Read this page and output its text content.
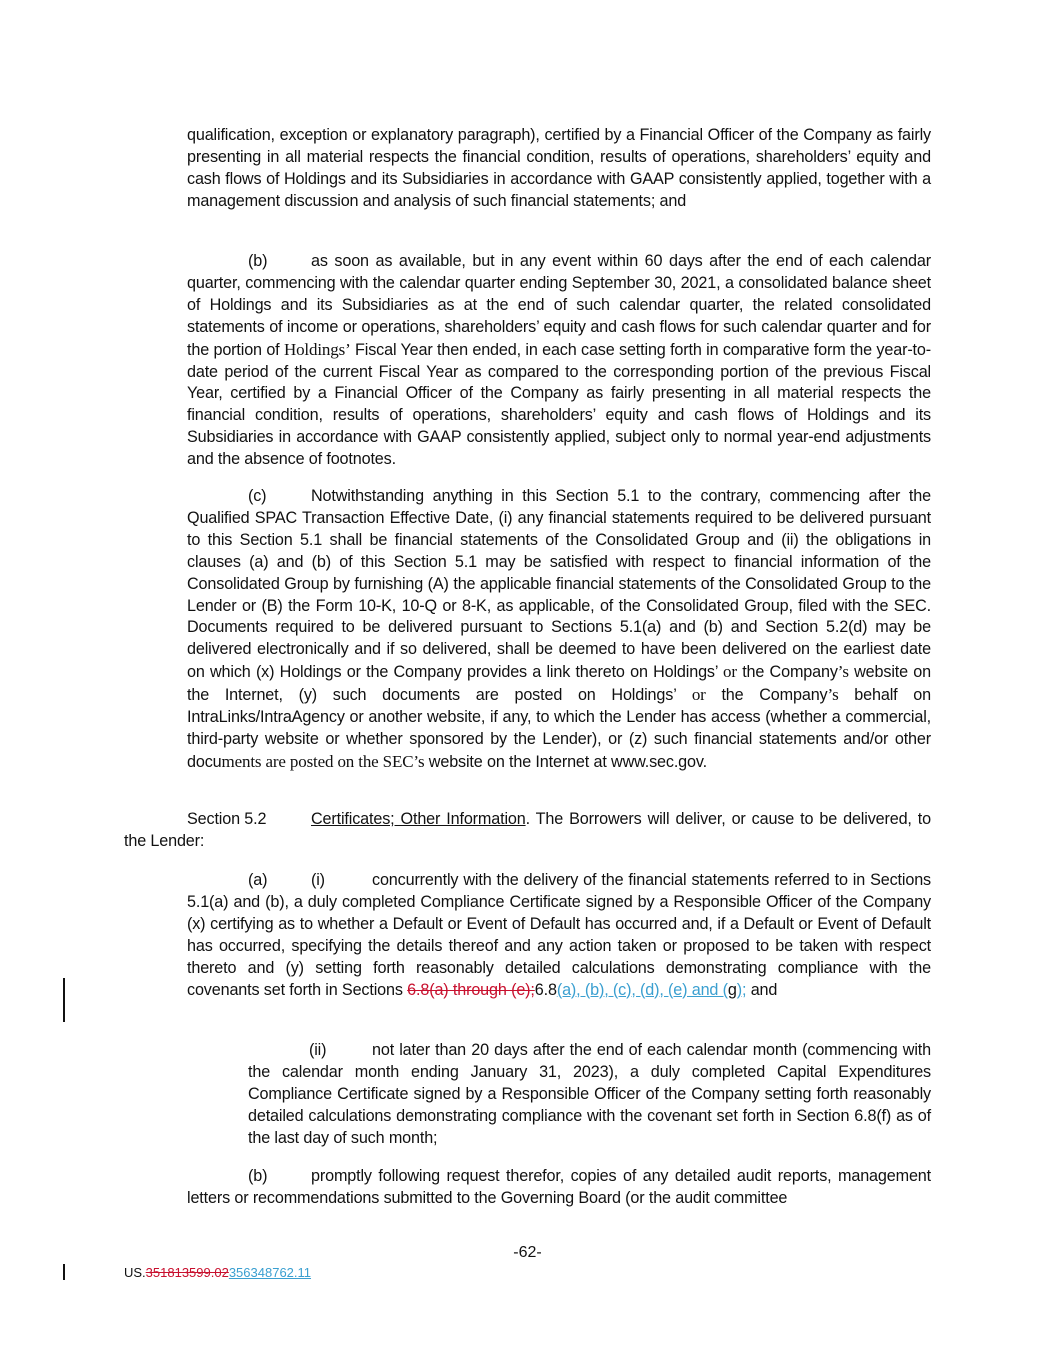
qualification, exception or explanatory paragraph), certified by a Financial Officer of the Company as fairly presenting in all material respects the financial condition, results of operations, shareholders’ equity and cash flows of Holdings and its Subsidiaries in accordance with GAAP consistently applied, together with a management discussion and analysis of such financial statements; and
(b)	as soon as available, but in any event within 60 days after the end of each calendar quarter, commencing with the calendar quarter ending September 30, 2021, a consolidated balance sheet of Holdings and its Subsidiaries as at the end of such calendar quarter, the related consolidated statements of income or operations, shareholders’ equity and cash flows for such calendar quarter and for the portion of Holdings’ Fiscal Year then ended, in each case setting forth in comparative form the year-to-date period of the current Fiscal Year as compared to the corresponding portion of the previous Fiscal Year, certified by a Financial Officer of the Company as fairly presenting in all material respects the financial condition, results of operations, shareholders’ equity and cash flows of Holdings and its Subsidiaries in accordance with GAAP consistently applied, subject only to normal year-end adjustments and the absence of footnotes.
(c)	Notwithstanding anything in this Section 5.1 to the contrary, commencing after the Qualified SPAC Transaction Effective Date, (i) any financial statements required to be delivered pursuant to this Section 5.1 shall be financial statements of the Consolidated Group and (ii) the obligations in clauses (a) and (b) of this Section 5.1 may be satisfied with respect to financial information of the Consolidated Group by furnishing (A) the applicable financial statements of the Consolidated Group to the Lender or (B) the Form 10-K, 10-Q or 8-K, as applicable, of the Consolidated Group, filed with the SEC. Documents required to be delivered pursuant to Sections 5.1(a) and (b) and Section 5.2(d) may be delivered electronically and if so delivered, shall be deemed to have been delivered on the earliest date on which (x) Holdings or the Company provides a link thereto on Holdings’ or the Company’s website on the Internet, (y) such documents are posted on Holdings’ or the Company’s behalf on IntraLinks/IntraAgency or another website, if any, to which the Lender has access (whether a commercial, third-party website or whether sponsored by the Lender), or (z) such financial statements and/or other documents are posted on the SEC’s website on the Internet at www.sec.gov.
Section 5.2	Certificates; Other Information. The Borrowers will deliver, or cause to be delivered, to the Lender:
(a)	(i)	concurrently with the delivery of the financial statements referred to in Sections 5.1(a) and (b), a duly completed Compliance Certificate signed by a Responsible Officer of the Company (x) certifying as to whether a Default or Event of Default has occurred and, if a Default or Event of Default has occurred, specifying the details thereof and any action taken or proposed to be taken with respect thereto and (y) setting forth reasonably detailed calculations demonstrating compliance with the covenants set forth in Sections 6.8(a) through (e);6.8(a), (b), (c), (d), (e) and (g); and
(ii)	not later than 20 days after the end of each calendar month (commencing with the calendar month ending January 31, 2023), a duly completed Capital Expenditures Compliance Certificate signed by a Responsible Officer of the Company setting forth reasonably detailed calculations demonstrating compliance with the covenant set forth in Section 6.8(f) as of the last day of such month;
(b)	promptly following request therefor, copies of any detailed audit reports, management letters or recommendations submitted to the Governing Board (or the audit committee
-62-
US.351813599.02356348762.11
